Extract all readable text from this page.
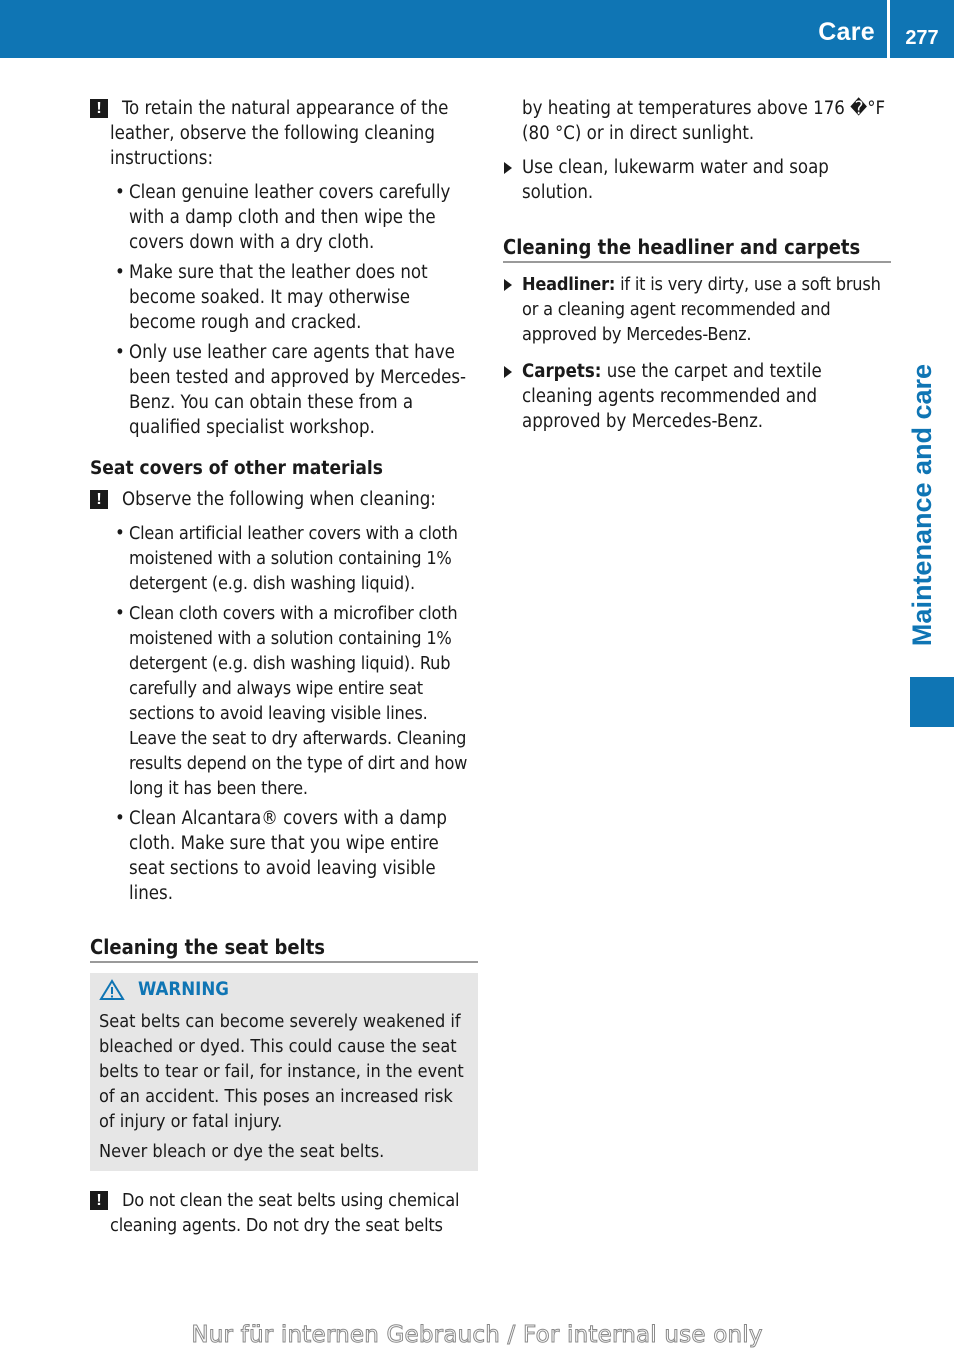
Care	277
Maintenance and care
!	To retain the natural appearance of the leather, observe the following cleaning instructions:

• Clean genuine leather covers carefully with a damp cloth and then wipe the covers down with a dry cloth.

• Make sure that the leather does not become soaked. It may otherwise become rough and cracked.

• Only use leather care agents that have been tested and approved by Mercedes-Benz. You can obtain these from a qualified specialist workshop.

Seat covers of other materials
!	Observe the following when cleaning:

• Clean artificial leather covers with a cloth moistened with a solution containing 1% detergent (e.g. dish washing liquid).

• Clean cloth covers with a microfiber cloth moistened with a solution containing 1% detergent (e.g. dish washing liquid). Rub carefully and always wipe entire seat sections to avoid leaving visible lines. Leave the seat to dry afterwards. Cleaning results depend on the type of dirt and how long it has been there.

• Clean Alcantara® covers with a damp cloth. Make sure that you wipe entire seat sections to avoid leaving visible lines.

Cleaning the seat belts
WARNING

Seat belts can become severely weakened if bleached or dyed. This could cause the seat belts to tear or fail, for instance, in the event of an accident. This poses an increased risk of injury or fatal injury.

Never bleach or dye the seat belts.

!	Do not clean the seat belts using chemical cleaning agents. Do not dry the seat belts

by heating at temperatures above 176 �°F (80 °C) or in direct sunlight.

Use clean, lukewarm water and soap solution.

Cleaning the headliner and carpets

Headliner: if it is very dirty, use a soft brush or a cleaning agent recommended and approved by Mercedes-Benz.

Carpets: use the carpet and textile cleaning agents recommended and approved by Mercedes-Benz.

Nur für internen Gebrauch / For internal use only
